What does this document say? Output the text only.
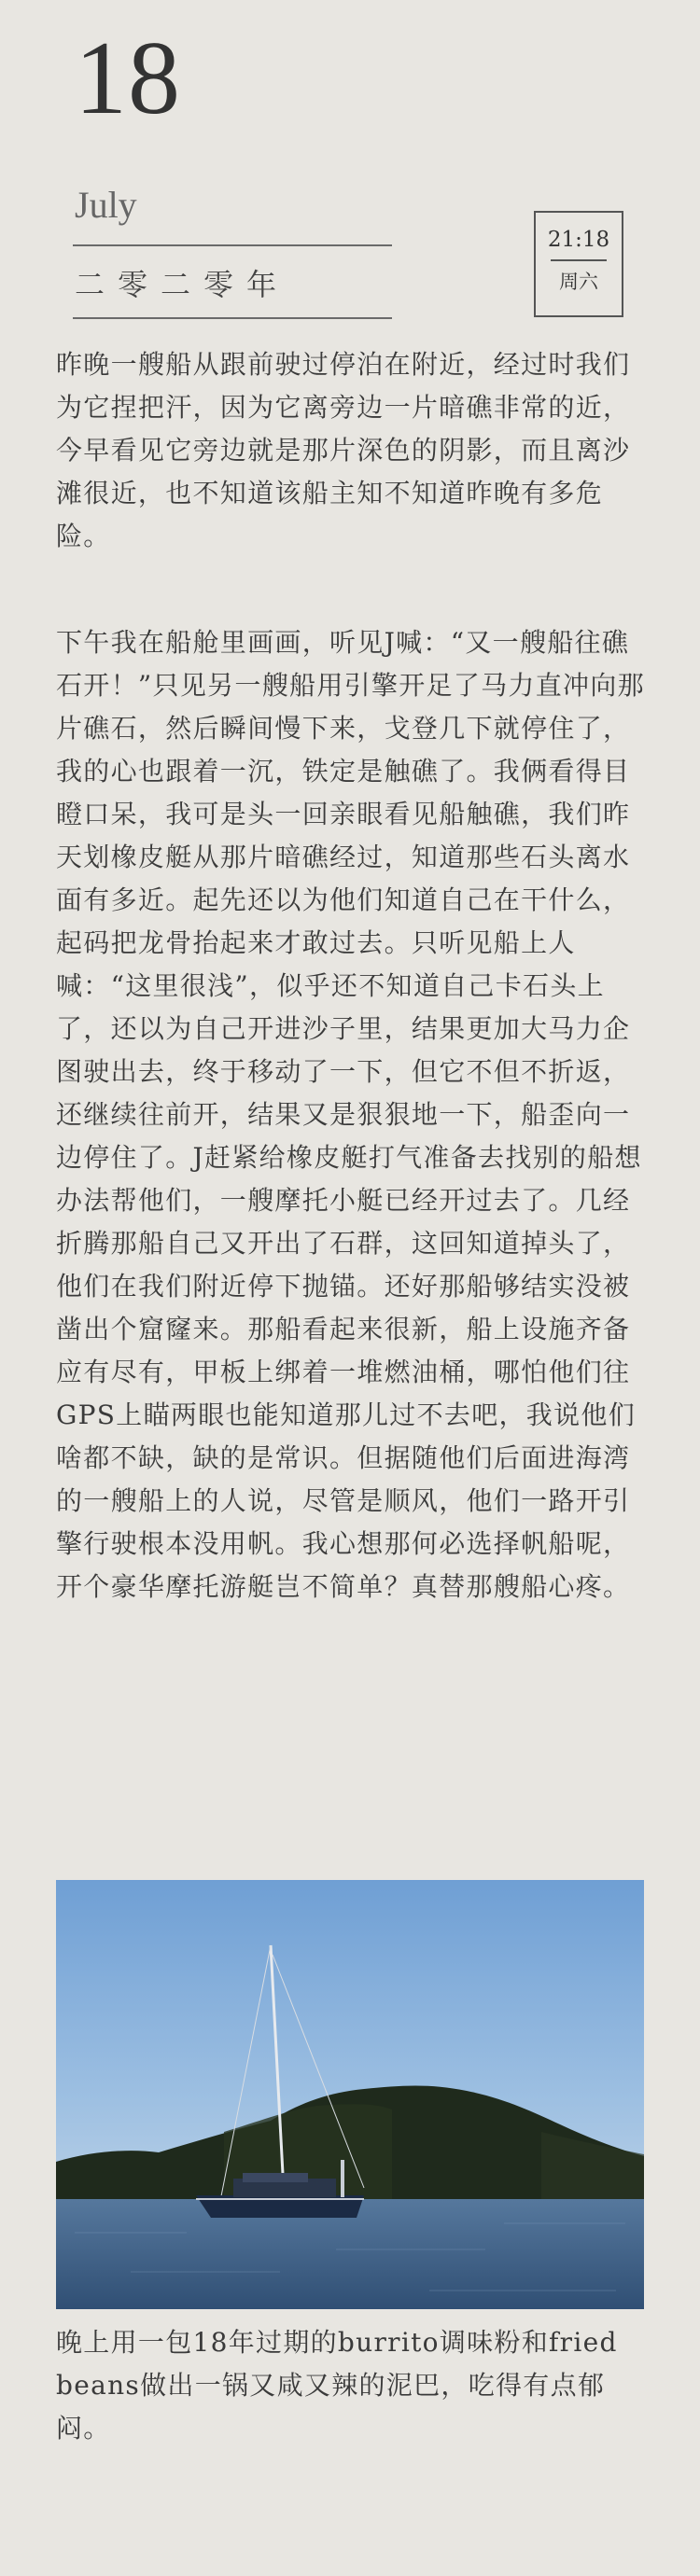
18
July
二零二零年
21:18
周六

昨晚一艘船从跟前驶过停泊在附近，经过时我们为它捏把汗，因为它离旁边一片暗礁非常的近，今早看见它旁边就是那片深色的阴影，而且离沙滩很近，也不知道该船主知不知道昨晚有多危险。

下午我在船舱里画画，听见J喊：“又一艘船往礁石开！”只见另一艘船用引擎开足了马力直冲向那片礁石，然后瞬间慢下来，戈登几下就停住了，我的心也跟着一沉，铁定是触礁了。我俩看得目瞪口呆，我可是头一回亲眼看见船触礁，我们昨天划橡皮艇从那片暗礁经过，知道那些石头离水面有多近。起先还以为他们知道自己在干什么，起码把龙骨抬起来才敢过去。只听见船上人喊：“这里很浅”，似乎还不知道自己卡石头上了，还以为自己开进沙子里，结果更加大马力企图驶出去，终于移动了一下，但它不但不折返，还继续往前开，结果又是狠狠地一下，船歪向一边停住了。J赶紧给橡皮艇打气准备去找别的船想办法帮他们，一艘摩托小艇已经开过去了。几经折腾那船自己又开出了石群，这回知道掉头了，他们在我们附近停下抛锚。还好那船够结实没被凿出个窟窿来。那船看起来很新，船上设施齐备应有尽有，甲板上绑着一堆燃油桶，哪怕他们往GPS上瞄两眼也能知道那儿过不去吧，我说他们啥都不缺，缺的是常识。但据随他们后面进海湾的一艘船上的人说，尽管是顺风，他们一路开引擎行驶根本没用帆。我心想那何必选择帆船呢，开个豪华摩托游艇岂不简单？真替那艘船心疼。

晚上用一包18年过期的burrito调味粉和fried beans做出一锅又咸又辣的泥巴，吃得有点郁闷。
